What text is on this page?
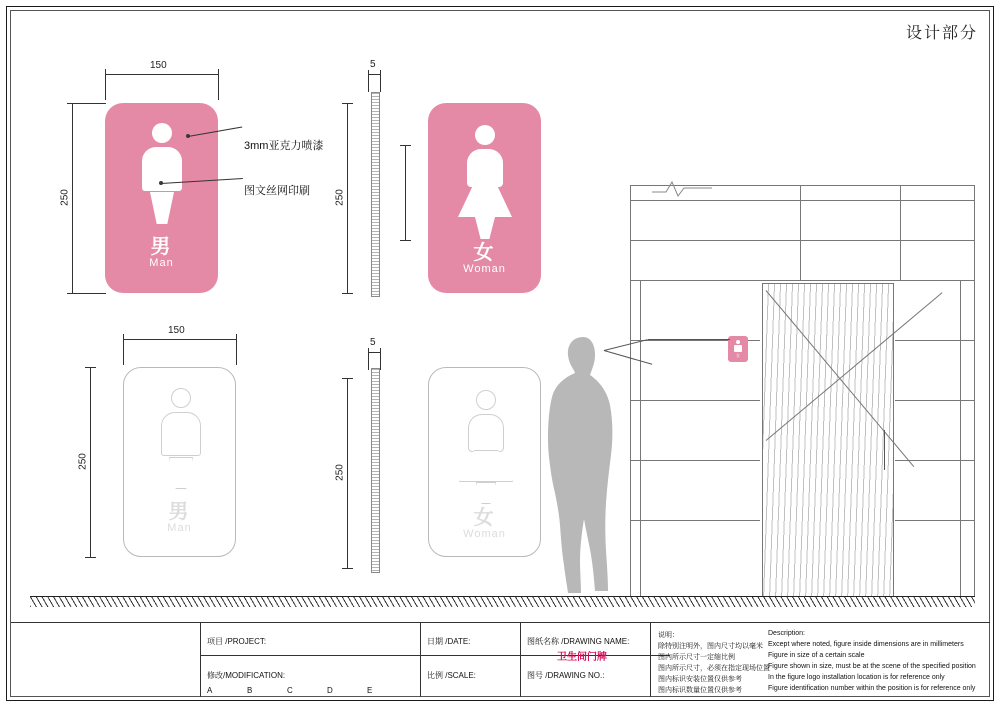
设计部分
150
250
男
Man
3mm亚克力喷漆
图文丝网印刷
5
250
女
Woman
150
250
男
Man
5
250
女
Woman
女
项目 /PROJECT:
修改/MODIFICATION:
A	B	C	D	E
日期 /DATE:
比例 /SCALE:
图纸名称 /DRAWING NAME:
卫生间门牌
图号 /DRAWING NO.:
说明：
除特别注明外，图内尺寸均以毫米
图内所示尺寸一定缩比例
图内所示尺寸，必须在指定现场位置
图内标识安装位置仅供参考
图内标识数量位置仅供参考
Description:
Except where noted, figure inside dimensions are in millimeters
Figure in size of a certain scale
Figure shown in size, must be at the scene of the specified position
In the figure logo installation location is for reference only
Figure identification number within the position is for reference only
